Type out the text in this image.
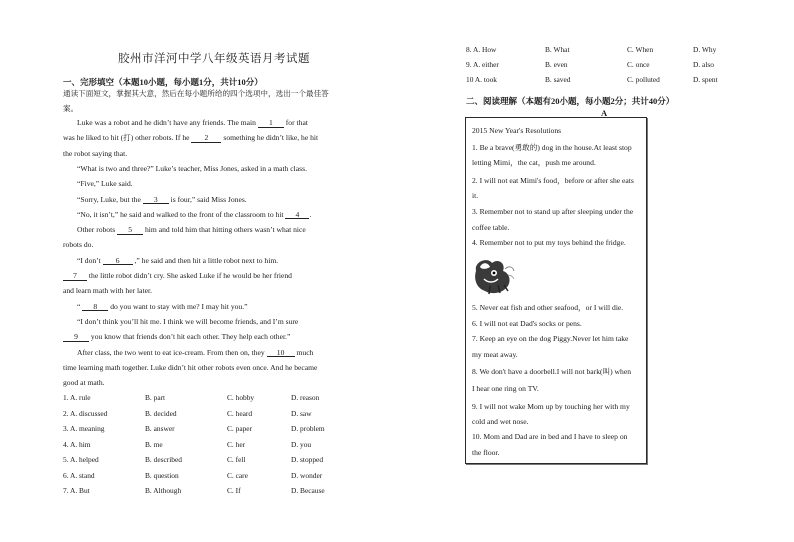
胶州市洋河中学八年级英语月考试题
一、完形填空（本题10小题，每小题1分，共计10分）
通读下面短文，掌握其大意，然后在每小题所给的四个选项中，选出一个最佳答
案。
Luke was a robot and he didn’t have any friends. The main 1 for that
was he liked to hit (打) other robots. If he 2 something he didn’t like, he hit
the robot saying that.
“What is two and three?” Luke’s teacher, Miss Jones, asked in a math class.
“Five,” Luke said.
“Sorry, Luke, but the 3 is four,” said Miss Jones.
“No, it isn’t,” he said and walked to the front of the classroom to hit 4 .
Other robots 5 him and told him that hitting others wasn’t what nice
robots do.
“I don’t 6 ,” he said and then hit a little robot next to him.
7 the little robot didn’t cry. She asked Luke if he would be her friend
and learn math with her later.
“ 8 do you want to stay with me? I may hit you.”
“I don’t think you’ll hit me. I think we will become friends, and I’m sure
9 you know that friends don’t hit each other. They help each other.”
After class, the two went to eat ice-cream. From then on, they 10 much
time learning math together. Luke didn’t hit other robots even once. And he became
good at math.
1. A. rule	B. part	C. hobby	D. reason
2. A. discussed	B. decided	C. heard	D. saw
3. A. meaning	B. answer	C. paper	D. problem
4. A. him	B. me	C. her	D. you
5. A. helped	B. described	C. fell	D. stopped
6. A. stand	B. question	C. care	D. wonder
7. A. But	B. Although	C. If	D. Because
8. A. How	B. What	C. When	D. Why
9. A. either	B. even	C. once	D. also
10 A. took	B. saved	C. polluted	D. spent
二、阅读理解（本题有20小题，每小题2分；共计40分）
A
2015 New Year's Resolutions
1. Be a brave(勇敢的) dog in the house.At least stop
letting Mimi，the cat，push me around.
2. I will not eat Mimi's food，before or after she eats
it.
3. Remember not to stand up after sleeping under the
coffee table.
4. Remember not to put my toys behind the fridge.
5. Never eat fish and other seafood，or I will die.
6. I will not eat Dad's socks or pens.
7. Keep an eye on the dog Piggy.Never let him take
my meat away.
8. We don't have a doorbell.I will not bark(叫) when
I hear one ring on TV.
9. I will not wake Mom up by touching her with my
cold and wet nose.
10. Mom and Dad are in bed and I have to sleep on
the floor.
